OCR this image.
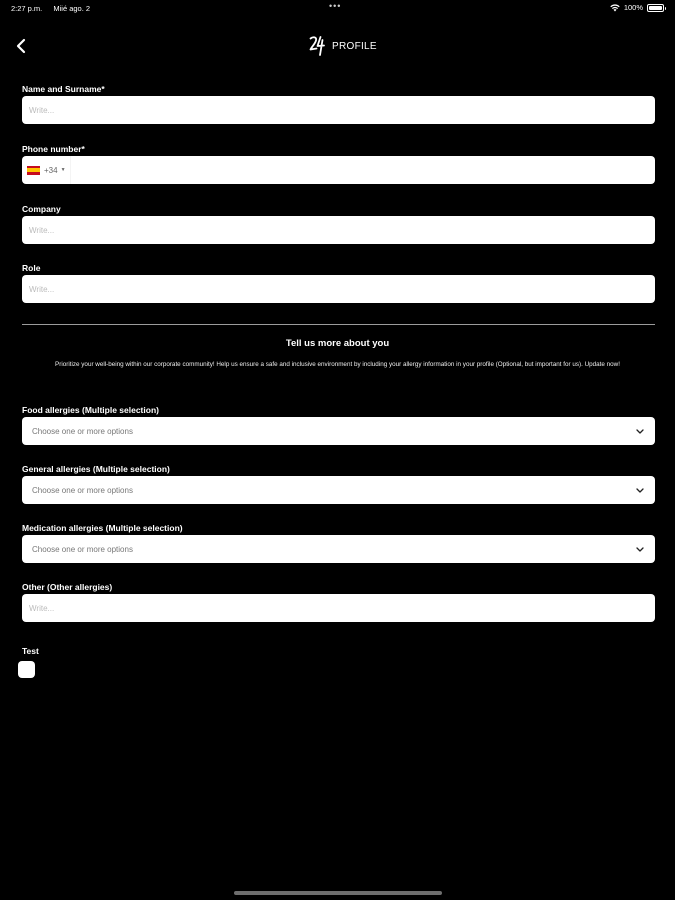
2:27 p.m. Miié ago. 2	•••	100%
PROFILE

Name and Surname*

Write...

Phone number*

+34 ▼

Company

Write...

Role

Write...
Tell us more about you
Prioritize your well-being within our corporate community! Help us ensure a safe and inclusive environment by including your allergy information in your profile (Optional, but important for us). Update now!

Food allergies (Multiple selection)

Choose one or more options

General allergies (Multiple selection)

Choose one or more options

Medication allergies (Multiple selection)

Choose one or more options

Other (Other allergies)

Write...
Test
